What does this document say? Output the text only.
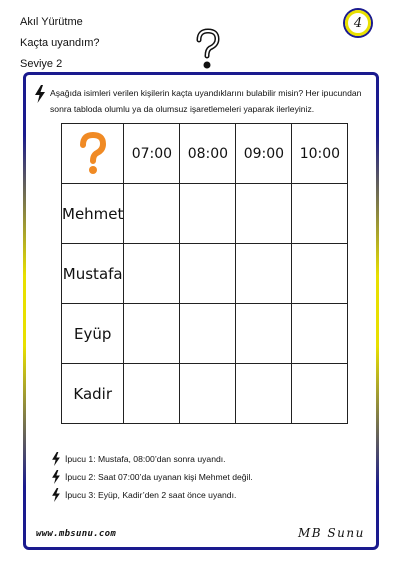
Akıl Yürütme
Kaçta uyandım?
Seviye 2
4
Aşağıda isimleri verilen kişilerin kaçta uyandıklarını bulabilir misin? Her ipucundan sonra tabloda olumlu ya da olumsuz işaretlemeleri yaparak ilerleyiniz.
	07:00	08:00	09:00	10:00
Mehmet				
Mustafa				
Eyüp				
Kadir				
İpucu 1: Mustafa, 08:00’dan sonra uyandı.
İpucu 2: Saat 07:00’da uyanan kişi Mehmet değil.
İpucu 3: Eyüp, Kadir’den 2 saat önce uyandı.
www.mbsunu.com	MB Sunu
